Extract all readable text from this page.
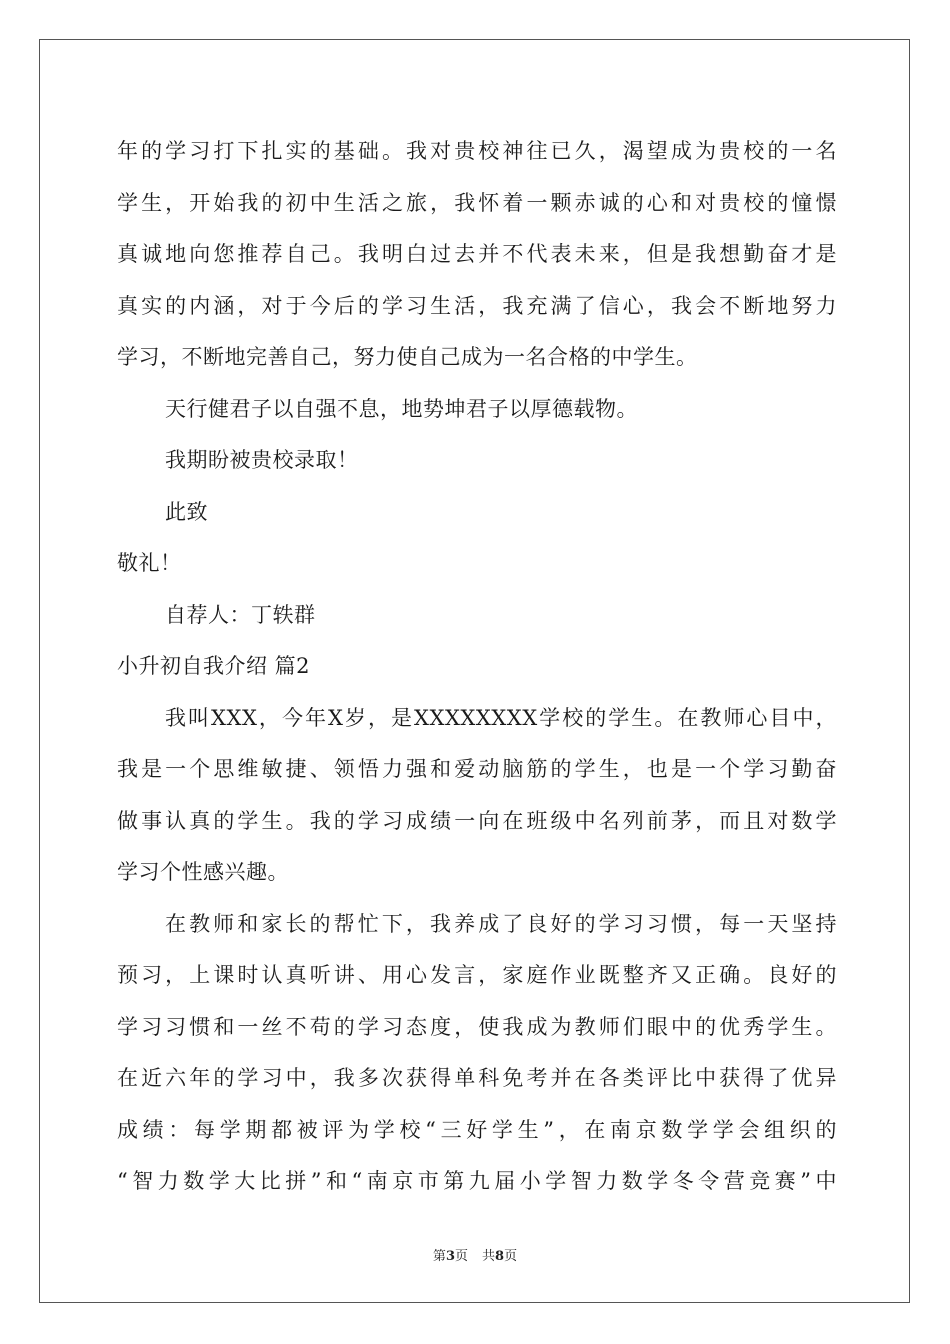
年的学习打下扎实的基础。我对贵校神往已久，渴望成为贵校的一名
学生，开始我的初中生活之旅，我怀着一颗赤诚的心和对贵校的憧憬
真诚地向您推荐自己。我明白过去并不代表未来，但是我想勤奋才是
真实的内涵，对于今后的学习生活，我充满了信心，我会不断地努力
学习，不断地完善自己，努力使自己成为一名合格的中学生。
天行健君子以自强不息，地势坤君子以厚德载物。
我期盼被贵校录取！
此致
敬礼！
自荐人：丁轶群
小升初自我介绍 篇2
我叫XXX，今年X岁，是XXXXXXXX学校的学生。在教师心目中，
我是一个思维敏捷、领悟力强和爱动脑筋的学生，也是一个学习勤奋
做事认真的学生。我的学习成绩一向在班级中名列前茅，而且对数学
学习个性感兴趣。
在教师和家长的帮忙下，我养成了良好的学习习惯，每一天坚持
预习，上课时认真听讲、用心发言，家庭作业既整齐又正确。良好的
学习习惯和一丝不苟的学习态度，使我成为教师们眼中的优秀学生。
在近六年的学习中，我多次获得单科免考并在各类评比中获得了优异
成绩：每学期都被评为学校“三好学生”，在南京数学学会组织的
“智力数学大比拼”和“南京市第九届小学智力数学冬令营竞赛”中
第3页 共8页
